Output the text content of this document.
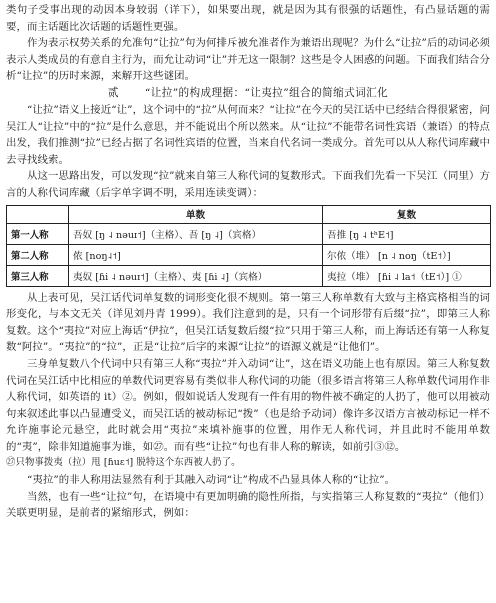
类句子受事出现的动因本身较弱（详下），如果要出现，就是因为其有很强的话题性，有凸显话题的需要，而主话题比次话题的话题性更强。

作为表示权势关系的允准句“让拉”句为何排斥被允准者作为兼语出现呢？为什么“让拉”后的动词必须表示人类成员的有意自主行为，而允让动词“让”并无这一限制？这些是令人困惑的问题。下面我们结合分析“让拉”的历时来源，来解开这些谜团。

贰 “让拉”的构成理据：“让夷拉”组合的简缩式词汇化

“让拉”语义上接近“让”，这个词中的“拉”从何而来？“让拉”在今天的吴江话中已经结合得很紧密，问吴江人“让拉”中的“拉”是什么意思，并不能说出个所以然来。从“让拉”不能带名词性宾语（兼语）的特点出发，我们推测“拉”已经占据了名词性宾语的位置，当来自代名词一类成分。首先可以从人称代词库藏中去寻找线索。

从这一思路出发，可以发现“拉”就来自第三人称代词的复数形式。下面我们先看一下吴江（同里）方言的人称代词库藏（后字单字调不明，采用连读变调）：

	单数	复数
第一人称	吾奴 [ŋ ˨ nəuɪ˦]（主格）、吾 [ŋ ˨]（宾格）	吾推 [ŋ ˨ tʰE˦]
第二人称	侬 [noŋ˨˦]	尔侬（堆） [n ˨ noŋ（tE˦）]
第三人称	夷奴 [ɦi ˨ nəuɪ˦]（主格）、夷 [ɦi ˨]（宾格）	夷拉（堆） [ɦi ˨ la˦（tE˦）] ①

从上表可见，吴江话代词单复数的词形变化很不规则。第一第三人称单数有大致与主格宾格相当的词形变化，与本文无关（详见刘丹青 1999）。我们注意到的是，只有一个词形带有后缀“拉”，即第三人称复数。这个“夷拉”对应上海话“伊拉”，但吴江话复数后缀“拉”只用于第三人称，而上海话还有第一人称复数“阿拉”。“夷拉”的“拉”，正是“让拉”后字的来源“让拉”的语源义就是“让他们”。

三身单复数八个代词中只有第三人称“夷拉”并入动词“让”，这在语义功能上也有原因。第三人称复数代词在吴江话中比相应的单数代词更容易有类似非人称代词的功能（很多语言将第三人称单数代词用作非人称代词，如英语的 it）②。例如，假如说话人发现有一件有用的物件被不确定的人扔了，他可以用被动句来叙述此事以凸显遭受义，而吴江话的被动标记“拨”（也是给予动词）像许多汉语方言被动标记一样不允许施事论元悬空，此时就会用“夷拉”来填补施事的位置，用作无人称代词，并且此时不能用单数的“夷”，除非知道施事为谁，如㉗。而有些“让拉”句也有非人称的解读，如前引③⑫。

㉗只物事拨夷（拉）甩 [ɦuɛ˦] 脱特这个东西被人扔了。

“夷拉”的非人称用法显然有利于其融入动词“让”构成不凸显具体人称的“让拉”。

当然，也有一些“让拉”句，在语境中有更加明确的隐性所指，与实指第三人称复数的“夷拉”（他们）关联更明显，是前者的紧缩形式，例如：
